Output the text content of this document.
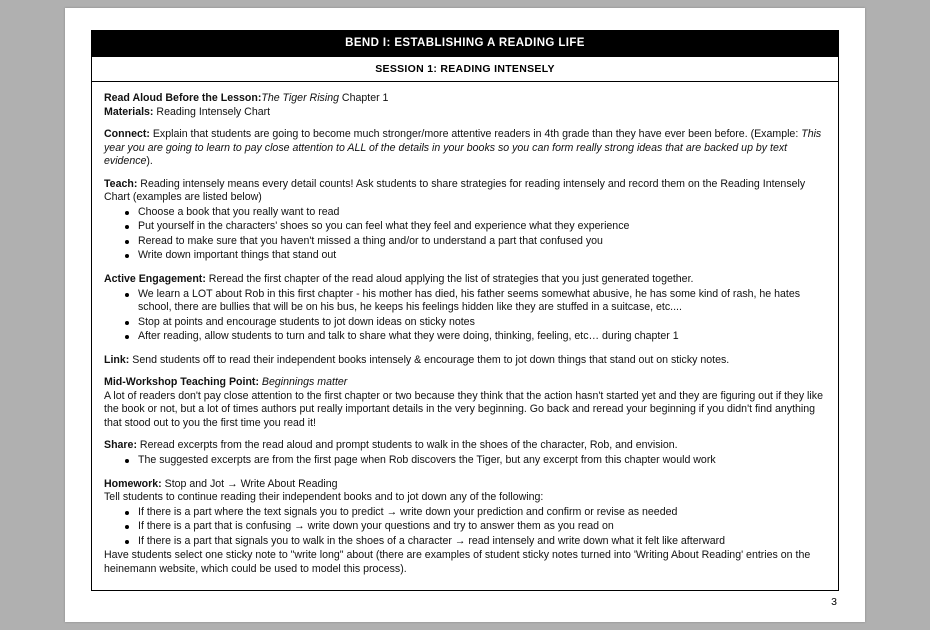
BEND I: ESTABLISHING A READING LIFE
SESSION 1: READING INTENSELY
Read Aloud Before the Lesson:The Tiger Rising Chapter 1
Materials: Reading Intensely Chart
Connect: Explain that students are going to become much stronger/more attentive readers in 4th grade than they have ever been before. (Example: This year you are going to learn to pay close attention to ALL of the details in your books so you can form really strong ideas that are backed up by text evidence).
Teach: Reading intensely means every detail counts! Ask students to share strategies for reading intensely and record them on the Reading Intensely Chart (examples are listed below)
Choose a book that you really want to read
Put yourself in the characters' shoes so you can feel what they feel and experience what they experience
Reread to make sure that you haven't missed a thing and/or to understand a part that confused you
Write down important things that stand out
Active Engagement: Reread the first chapter of the read aloud applying the list of strategies that you just generated together.
We learn a LOT about Rob in this first chapter - his mother has died, his father seems somewhat abusive, he has some kind of rash, he hates school, there are bullies that will be on his bus, he keeps his feelings hidden like they are stuffed in a suitcase, etc....
Stop at points and encourage students to jot down ideas on sticky notes
After reading, allow students to turn and talk to share what they were doing, thinking, feeling, etc… during chapter 1
Link: Send students off to read their independent books intensely & encourage them to jot down things that stand out on sticky notes.
Mid-Workshop Teaching Point: Beginnings matter
A lot of readers don't pay close attention to the first chapter or two because they think that the action hasn't started yet and they are figuring out if they like the book or not, but a lot of times authors put really important details in the very beginning. Go back and reread your beginning if you didn't find anything that stood out to you the first time you read it!
Share: Reread excerpts from the read aloud and prompt students to walk in the shoes of the character, Rob, and envision.
The suggested excerpts are from the first page when Rob discovers the Tiger, but any excerpt from this chapter would work
Homework: Stop and Jot → Write About Reading
Tell students to continue reading their independent books and to jot down any of the following:
If there is a part where the text signals you to predict → write down your prediction and confirm or revise as needed
If there is a part that is confusing → write down your questions and try to answer them as you read on
If there is a part that signals you to walk in the shoes of a character → read intensely and write down what it felt like afterward
Have students select one sticky note to "write long" about (there are examples of student sticky notes turned into 'Writing About Reading' entries on the heinemann website, which could be used to model this process).
3
